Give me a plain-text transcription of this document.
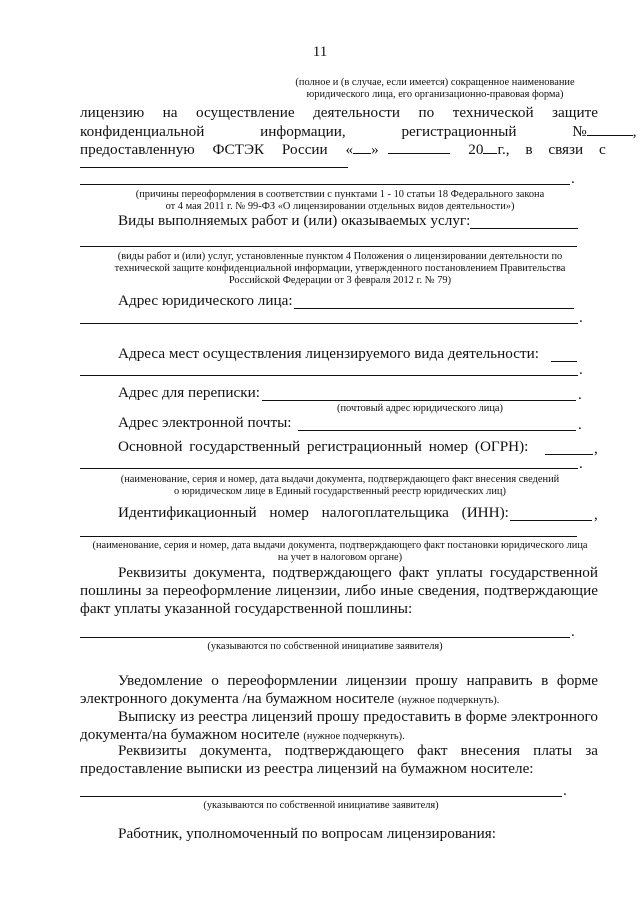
11
(полное и (в случае, если имеется) сокращенное наименование
юридического лица, его организационно-правовая форма)
лицензию на осуществление деятельности по технической защите
конфиденциальной информации, регистрационный №	,
предоставленную ФСТЭК России « »	20 г., в связи с
.
(причины переоформления в соответствии с пунктами 1 - 10 статьи 18 Федерального закона
от 4 мая 2011 г. № 99-ФЗ «О лицензировании отдельных видов деятельности»)
Виды выполняемых работ и (или) оказываемых услуг:
(виды работ и (или) услуг, установленные пунктом 4 Положения о лицензировании деятельности по
технической защите конфиденциальной информации, утвержденного постановлением Правительства
Российской Федерации от 3 февраля 2012 г. № 79)
Адрес юридического лица:
.
Адреса мест осуществления лицензируемого вида деятельности:
.
Адрес для переписки:	.
(почтовый адрес юридического лица)
Адрес электронной почты:	.
Основной государственный регистрационный номер (ОГРН):	,
.
(наименование, серия и номер, дата выдачи документа, подтверждающего факт внесения сведений
о юридическом лице в Единый государственный реестр юридических лиц)
Идентификационный номер налогоплательщика (ИНН):	,
(наименование, серия и номер, дата выдачи документа, подтверждающего факт постановки юридического лица
на учет в налоговом органе)
Реквизиты документа, подтверждающего факт уплаты государственной
пошлины за переоформление лицензии, либо иные сведения, подтверждающие
факт уплаты указанной государственной пошлины:
.
(указываются по собственной инициативе заявителя)
Уведомление о переоформлении лицензии прошу направить в форме
электронного документа /на бумажном носителе (нужное подчеркнуть).
Выписку из реестра лицензий прошу предоставить в форме электронного
документа/на бумажном носителе (нужное подчеркнуть).
Реквизиты документа, подтверждающего факт внесения платы за
предоставление выписки из реестра лицензий на бумажном носителе:
.
(указываются по собственной инициативе заявителя)
Работник, уполномоченный по вопросам лицензирования:
